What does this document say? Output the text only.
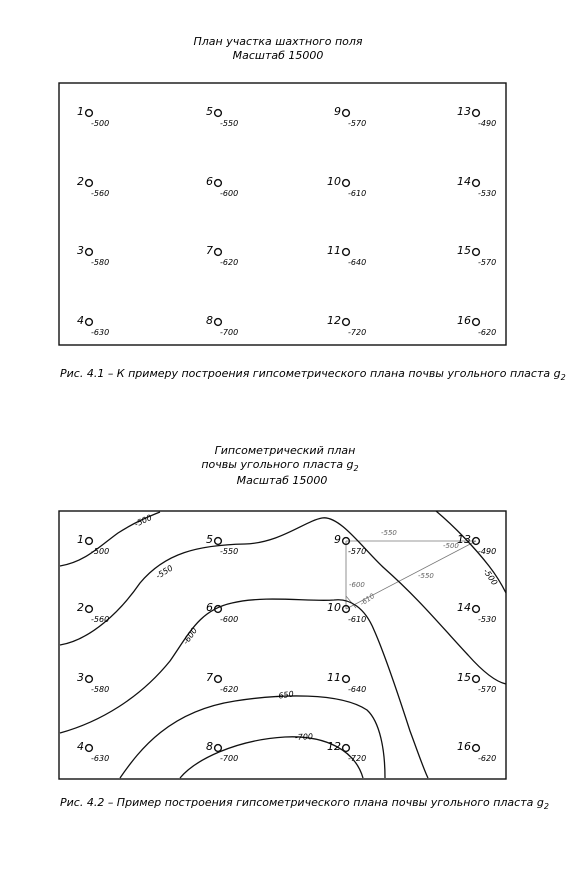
План участка шахтного поля
Масштаб 15000
1
-500
2
-560
3
-580
4
-630
5
-550
6
-600
7
-620
8
-700
9
-570
10
-610
11
-640
12
-720
13
-490
14
-530
15
-570
16
-620
Рис. 4.1 – К примеру построения гипсометрического плана почвы угольного пласта $g_2$
Гипсометрический план
почвы угольного пласта $g_2$
Масштаб 15000
-550
-500
-550
-600
-610
-500
-550
-600
-650
-700
-500
1
-500
2
-560
3
-580
4
-630
5
-550
6
-600
7
-620
8
-700
9
-570
10
-610
11
-640
12
-720
13
-490
14
-530
15
-570
16
-620
Рис. 4.2 – Пример построения гипсометрического плана почвы угольного пласта $g_2$
